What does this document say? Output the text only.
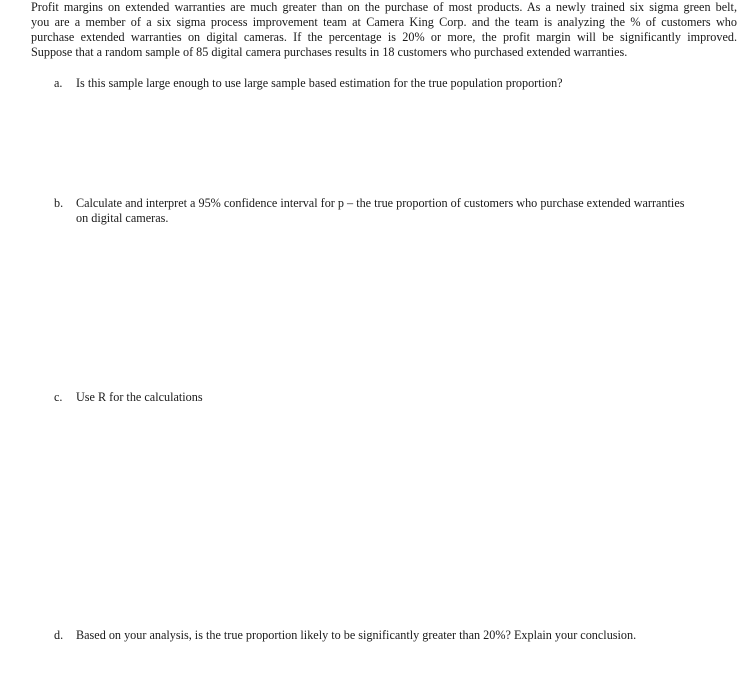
Profit margins on extended warranties are much greater than on the purchase of most products. As a newly trained six sigma green belt,
you are a member of a six sigma process improvement team at Camera King Corp. and the team is analyzing the % of customers who
purchase extended warranties on digital cameras. If the percentage is 20% or more, the profit margin will be significantly improved.
Suppose that a random sample of 85 digital camera purchases results in 18 customers who purchased extended warranties.
a.	Is this sample large enough to use large sample based estimation for the true population proportion?
b.	Calculate and interpret a 95% confidence interval for p – the true proportion of customers who purchase extended warranties
on digital cameras.
c.	Use R for the calculations
d.	Based on your analysis, is the true proportion likely to be significantly greater than 20%? Explain your conclusion.
